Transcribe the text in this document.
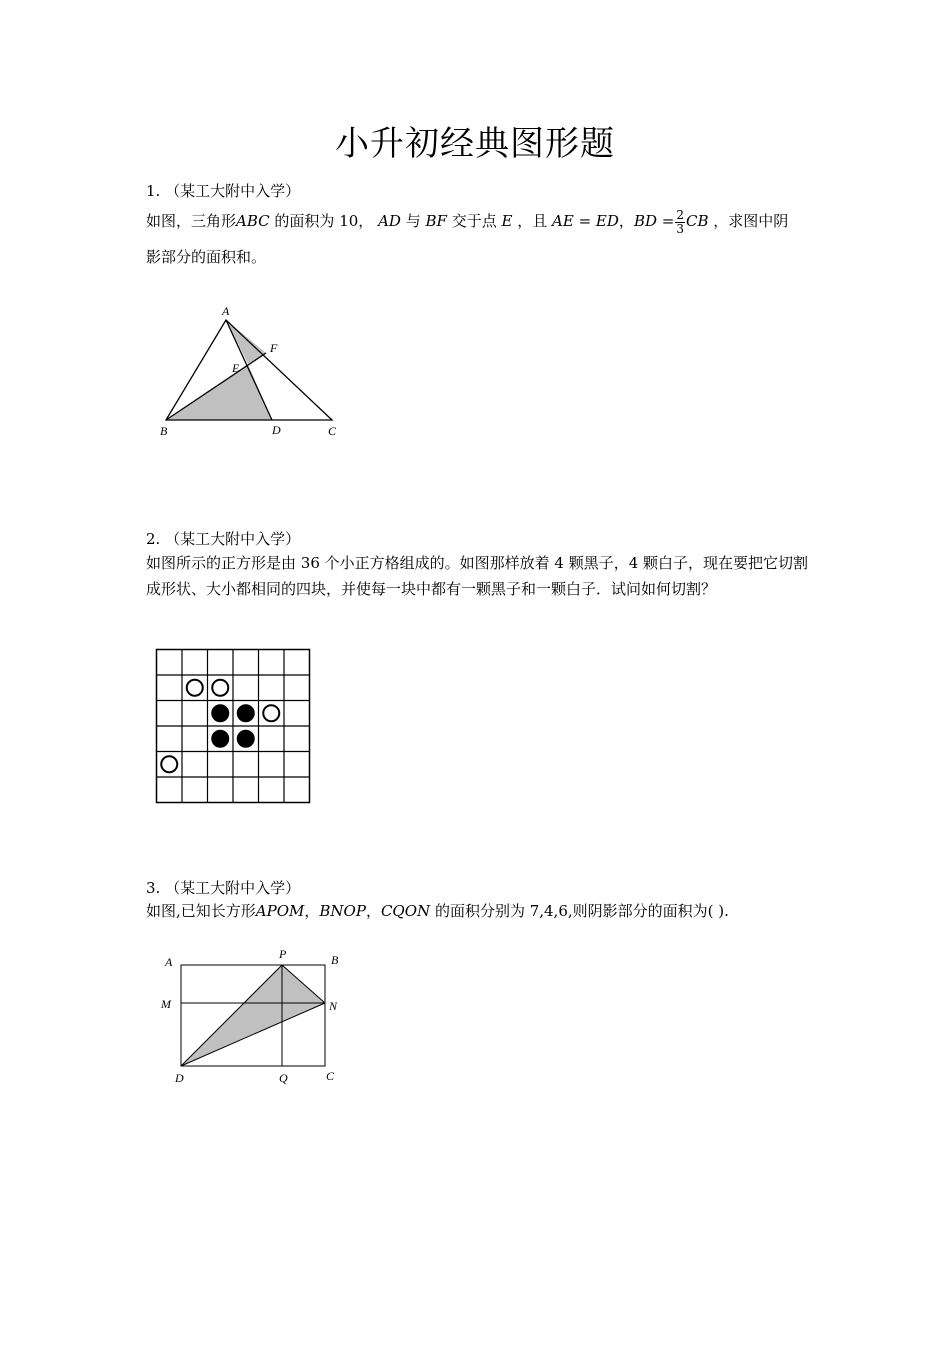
小升初经典图形题
1. （某工大附中入学）
如图，三角形ABC 的面积为 10， AD 与 BF 交于点 E ，且 AE = ED，BD = $\frac{2}{3}$ CB ，求图中阴
影部分的面积和。
A
F
E
B	D	C
2. （某工大附中入学）
如图所示的正方形是由 36 个小正方格组成的。如图那样放着 4 颗黑子，4 颗白子，现在要把它切割成形状、大小都相同的四块，并使每一块中都有一颗黑子和一颗白子．试问如何切割？
3. （某工大附中入学）
如图,已知长方形APOM，BNOP，CQON 的面积分别为 7,4,6,则阴影部分的面积为( ).
A
P	B
M	N
D	Q	C
